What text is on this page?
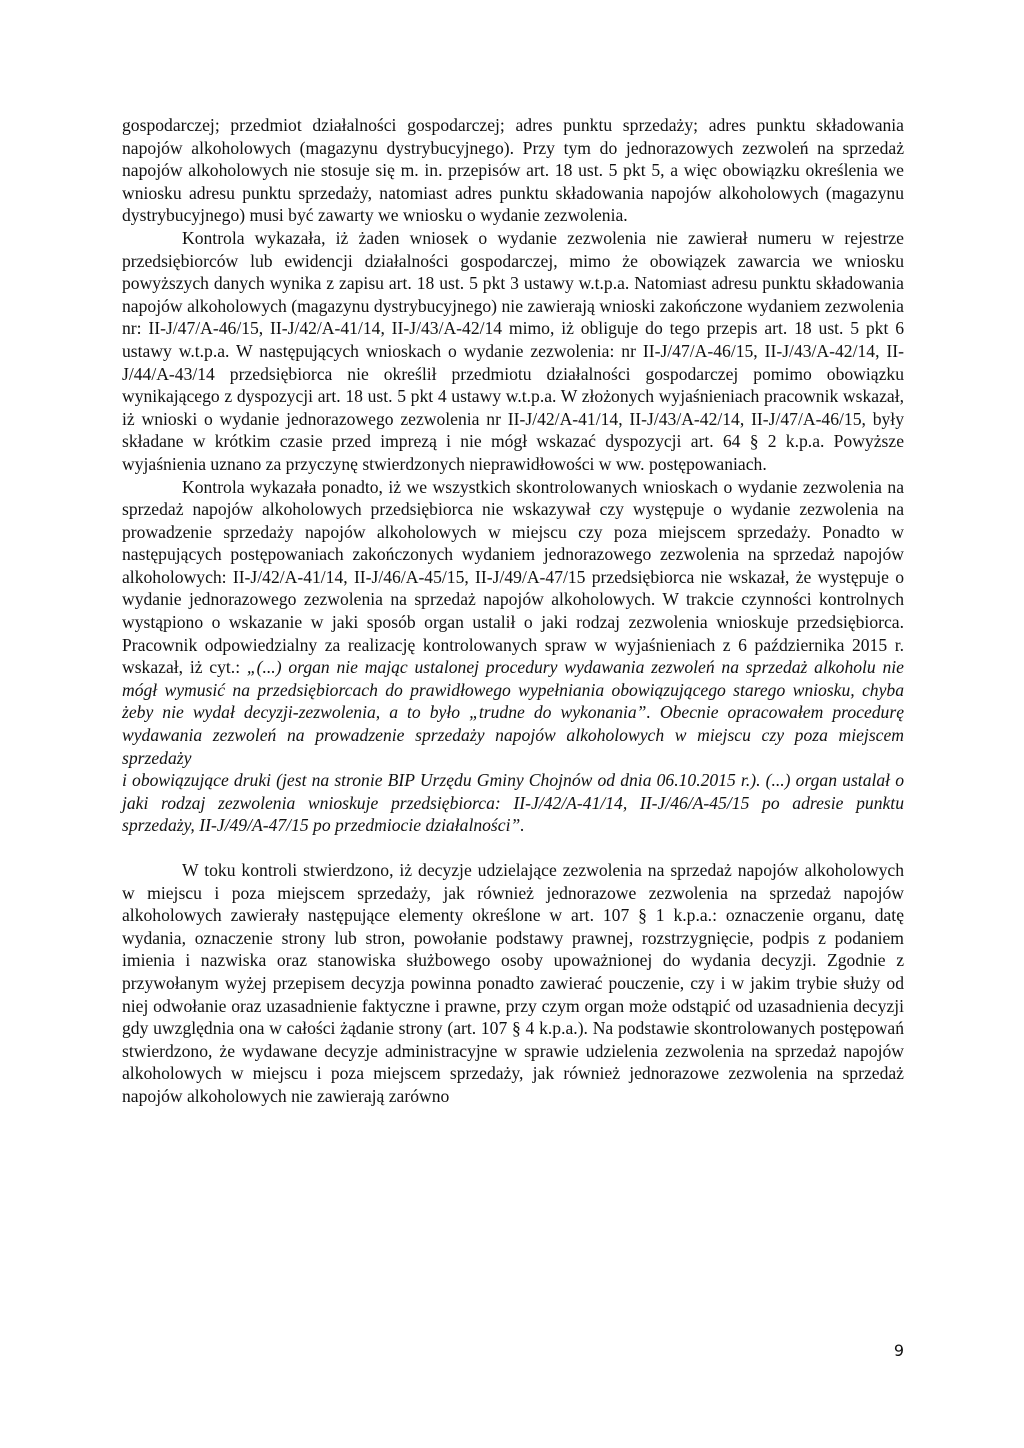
gospodarczej; przedmiot działalności gospodarczej; adres punktu sprzedaży; adres punktu składowania napojów alkoholowych (magazynu dystrybucyjnego). Przy tym do jednorazowych zezwoleń na sprzedaż napojów alkoholowych nie stosuje się m. in. przepisów art. 18 ust. 5 pkt 5, a więc obowiązku określenia we wniosku adresu punktu sprzedaży, natomiast adres punktu składowania napojów alkoholowych (magazynu dystrybucyjnego) musi być zawarty we wniosku o wydanie zezwolenia.

Kontrola wykazała, iż żaden wniosek o wydanie zezwolenia nie zawierał numeru w rejestrze przedsiębiorców lub ewidencji działalności gospodarczej, mimo że obowiązek zawarcia we wniosku powyższych danych wynika z zapisu art. 18 ust. 5 pkt 3 ustawy w.t.p.a. Natomiast adresu punktu składowania napojów alkoholowych (magazynu dystrybucyjnego) nie zawierają wnioski zakończone wydaniem zezwolenia nr: II-J/47/A-46/15, II-J/42/A-41/14, II-J/43/A-42/14 mimo, iż obliguje do tego przepis art. 18 ust. 5 pkt 6 ustawy w.t.p.a. W następujących wnioskach o wydanie zezwolenia: nr II-J/47/A-46/15, II-J/43/A-42/14, II-J/44/A-43/14 przedsiębiorca nie określił przedmiotu działalności gospodarczej pomimo obowiązku wynikającego z dyspozycji art. 18 ust. 5 pkt 4 ustawy w.t.p.a. W złożonych wyjaśnieniach pracownik wskazał, iż wnioski o wydanie jednorazowego zezwolenia nr II-J/42/A-41/14, II-J/43/A-42/14, II-J/47/A-46/15, były składane w krótkim czasie przed imprezą i nie mógł wskazać dyspozycji art. 64 § 2 k.p.a. Powyższe wyjaśnienia uznano za przyczynę stwierdzonych nieprawidłowości w ww. postępowaniach.

Kontrola wykazała ponadto, iż we wszystkich skontrolowanych wnioskach o wydanie zezwolenia na sprzedaż napojów alkoholowych przedsiębiorca nie wskazywał czy występuje o wydanie zezwolenia na prowadzenie sprzedaży napojów alkoholowych w miejscu czy poza miejscem sprzedaży. Ponadto w następujących postępowaniach zakończonych wydaniem jednorazowego zezwolenia na sprzedaż napojów alkoholowych: II-J/42/A-41/14, II-J/46/A-45/15, II-J/49/A-47/15 przedsiębiorca nie wskazał, że występuje o wydanie jednorazowego zezwolenia na sprzedaż napojów alkoholowych. W trakcie czynności kontrolnych wystąpiono o wskazanie w jaki sposób organ ustalił o jaki rodzaj zezwolenia wnioskuje przedsiębiorca. Pracownik odpowiedzialny za realizację kontrolowanych spraw w wyjaśnieniach z 6 października 2015 r. wskazał, iż cyt.: „(...) organ nie mając ustalonej procedury wydawania zezwoleń na sprzedaż alkoholu nie mógł wymusić na przedsiębiorcach do prawidłowego wypełniania obowiązującego starego wniosku, chyba żeby nie wydał decyzji-zezwolenia, a to było „trudne do wykonania”. Obecnie opracowałem procedurę wydawania zezwoleń na prowadzenie sprzedaży napojów alkoholowych w miejscu czy poza miejscem sprzedaży

i obowiązujące druki (jest na stronie BIP Urzędu Gminy Chojnów od dnia 06.10.2015 r.). (...) organ ustalał o jaki rodzaj zezwolenia wnioskuje przedsiębiorca: II-J/42/A-41/14, II-J/46/A-45/15 po adresie punktu sprzedaży, II-J/49/A-47/15 po przedmiocie działalności”.

W toku kontroli stwierdzono, iż decyzje udzielające zezwolenia na sprzedaż napojów alkoholowych w miejscu i poza miejscem sprzedaży, jak również jednorazowe zezwolenia na sprzedaż napojów alkoholowych zawierały następujące elementy określone w art. 107 § 1 k.p.a.: oznaczenie organu, datę wydania, oznaczenie strony lub stron, powołanie podstawy prawnej, rozstrzygnięcie, podpis z podaniem imienia i nazwiska oraz stanowiska służbowego osoby upoważnionej do wydania decyzji. Zgodnie z przywołanym wyżej przepisem decyzja powinna ponadto zawierać pouczenie, czy i w jakim trybie służy od niej odwołanie oraz uzasadnienie faktyczne i prawne, przy czym organ może odstąpić od uzasadnienia decyzji gdy uwzględnia ona w całości żądanie strony (art. 107 § 4 k.p.a.). Na podstawie skontrolowanych postępowań stwierdzono, że wydawane decyzje administracyjne w sprawie udzielenia zezwolenia na sprzedaż napojów alkoholowych w miejscu i poza miejscem sprzedaży, jak również jednorazowe zezwolenia na sprzedaż napojów alkoholowych nie zawierają zarówno

9
